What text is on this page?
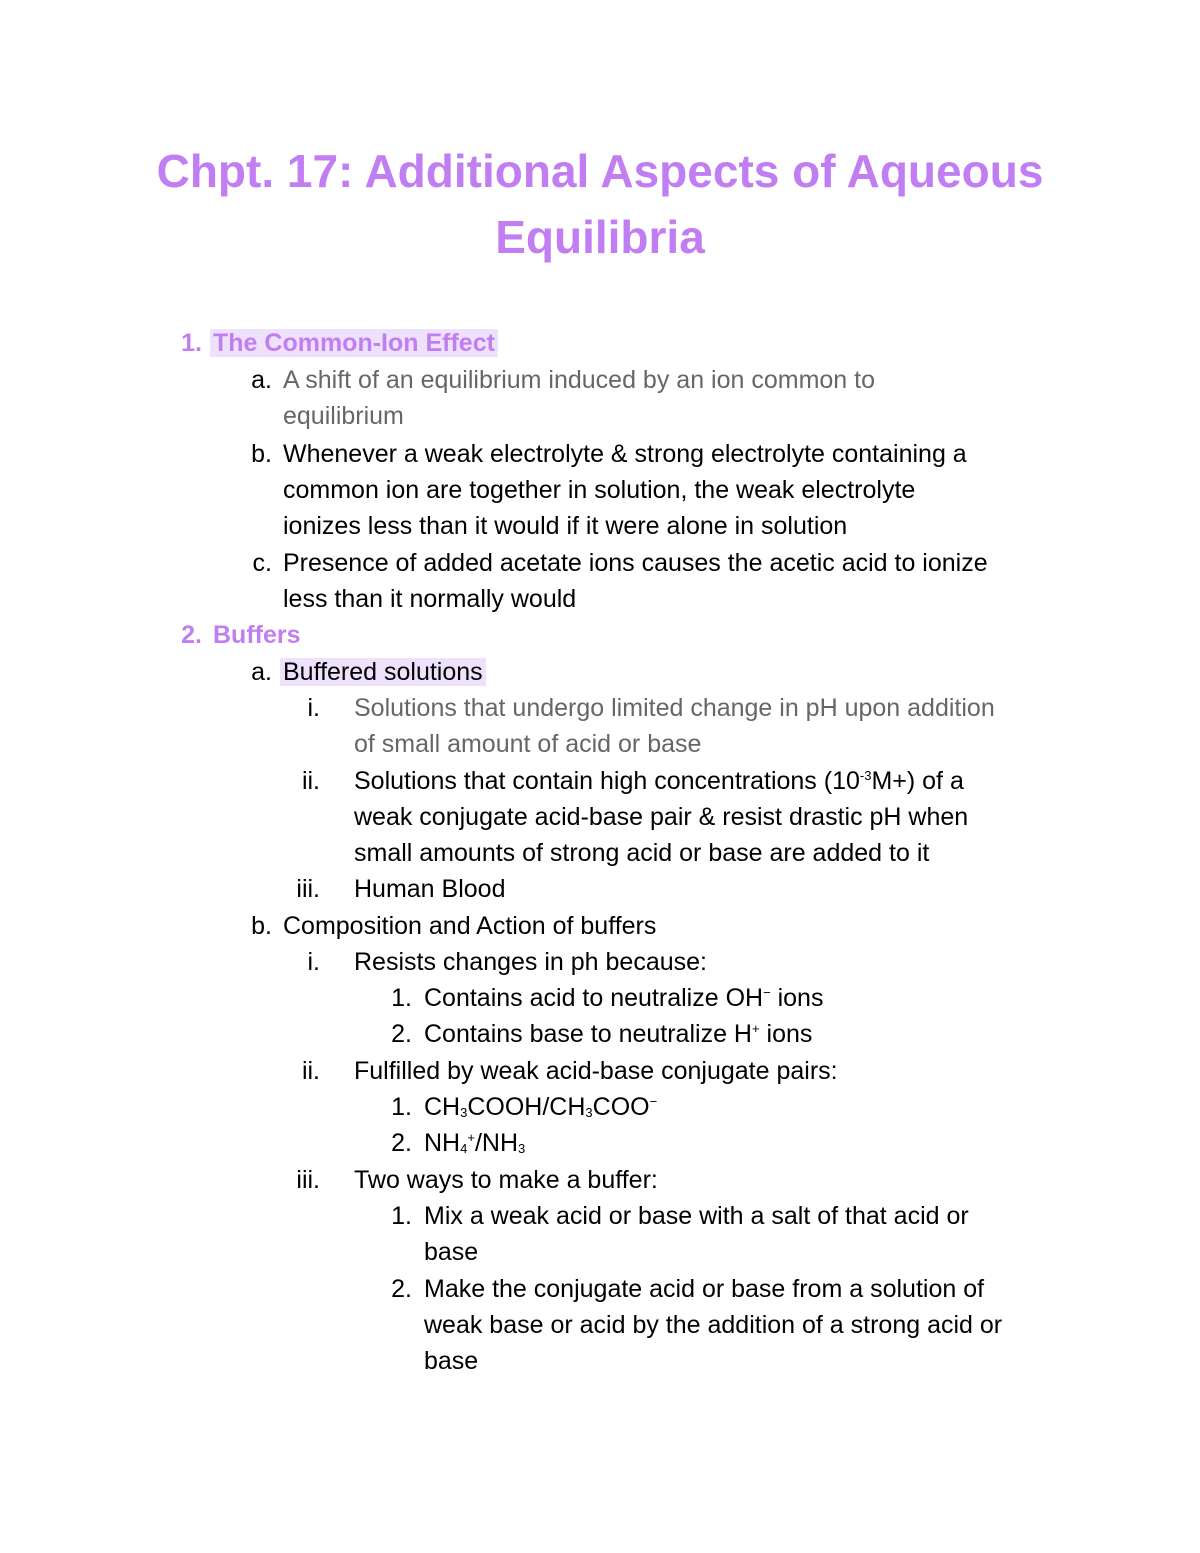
Chpt. 17: Additional Aspects of Aqueous
Equilibria
1. The Common-Ion Effect
a. A shift of an equilibrium induced by an ion common to
equilibrium
b. Whenever a weak electrolyte & strong electrolyte containing a
common ion are together in solution, the weak electrolyte
ionizes less than it would if it were alone in solution
c. Presence of added acetate ions causes the acetic acid to ionize
less than it normally would
2. Buffers
a. Buffered solutions
i. Solutions that undergo limited change in pH upon addition
of small amount of acid or base
ii. Solutions that contain high concentrations $(10^{-3}M+)$ of a
weak conjugate acid-base pair & resist drastic pH when
small amounts of strong acid or base are added to it
iii. Human Blood
b. Composition and Action of buffers
i. Resists changes in ph because:
1. Contains acid to neutralize OH− ions
2. Contains base to neutralize H+ ions
ii. Fulfilled by weak acid-base conjugate pairs:
1. $CH_3COOH/CH_3COO^-$
2. $NH_4^+/NH_3$
iii. Two ways to make a buffer:
1. Mix a weak acid or base with a salt of that acid or
base
2. Make the conjugate acid or base from a solution of
weak base or acid by the addition of a strong acid or
base
